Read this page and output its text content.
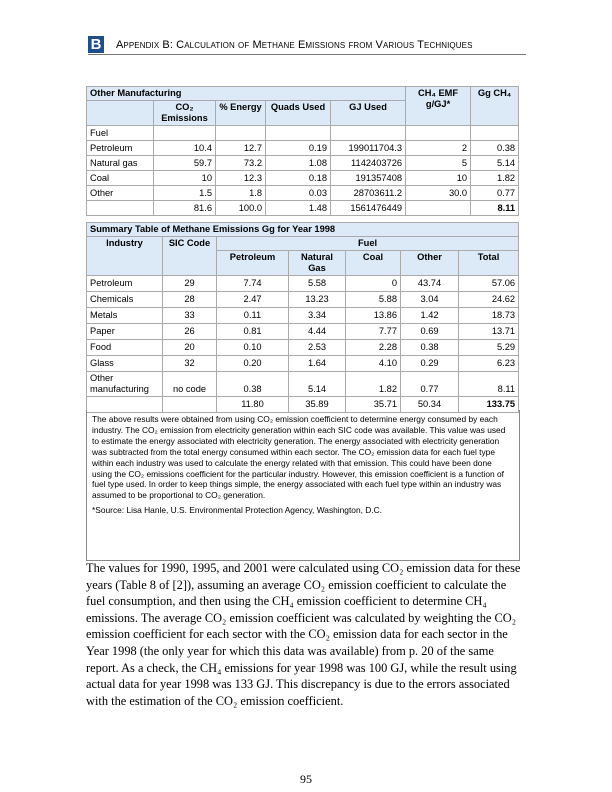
B Appendix B: Calculation of Methane Emissions from Various Techniques
Other Manufacturing					CH₄ EMF g/GJ*	Gg CH₄
	CO₂ Emissions	% Energy	Quads Used	GJ Used		
Fuel						
Petroleum	10.4	12.7	0.19	199011704.3	2	0.38
Natural gas	59.7	73.2	1.08	1142403726	5	5.14
Coal	10	12.3	0.18	191357408	10	1.82
Other	1.5	1.8	0.03	28703611.2	30.0	0.77
	81.6	100.0	1.48	1561476449		8.11
Summary Table of Methane Emissions Gg for Year 1998						
Industry	SIC Code	Fuel				
		Petroleum	Natural Gas	Coal	Other	Total
Petroleum	29	7.74	5.58	0	43.74	57.06
Chemicals	28	2.47	13.23	5.88	3.04	24.62
Metals	33	0.11	3.34	13.86	1.42	18.73
Paper	26	0.81	4.44	7.77	0.69	13.71
Food	20	0.10	2.53	2.28	0.38	5.29
Glass	32	0.20	1.64	4.10	0.29	6.23
Other manufacturing	no code	0.38	5.14	1.82	0.77	8.11
		11.80	35.89	35.71	50.34	133.75

The above results were obtained from using CO₂ emission coefficient to determine energy consumed by each industry. The CO₂ emission from electricity generation within each SIC code was available. This value was used to estimate the energy associated with electricity generation. The energy associated with electricity generation was subtracted from the total energy consumed within each sector. The CO₂ emission data for each fuel type within each industry was used to calculate the energy related with that emission. This could have been done using the CO₂ emissions coefficient for the particular industry. However, this emission coefficient is a function of fuel type used. In order to keep things simple, the energy associated with each fuel type within an industry was assumed to be proportional to CO₂ generation.

*Source: Lisa Hanle, U.S. Environmental Protection Agency, Washington, D.C.

The values for 1990, 1995, and 2001 were calculated using CO₂ emission data for these years (Table 8 of [2]), assuming an average CO₂ emission coefficient to calculate the fuel consumption, and then using the CH₄ emission coefficient to determine CH₄ emissions. The average CO₂ emission coefficient was calculated by weighting the CO₂ emission coefficient for each sector with the CO₂ emission data for each sector in the Year 1998 (the only year for which this data was available) from p. 20 of the same report. As a check, the CH₄ emissions for year 1998 was 100 GJ, while the result using actual data for year 1998 was 133 GJ. This discrepancy is due to the errors associated with the estimation of the CO₂ emission coefficient.
95
